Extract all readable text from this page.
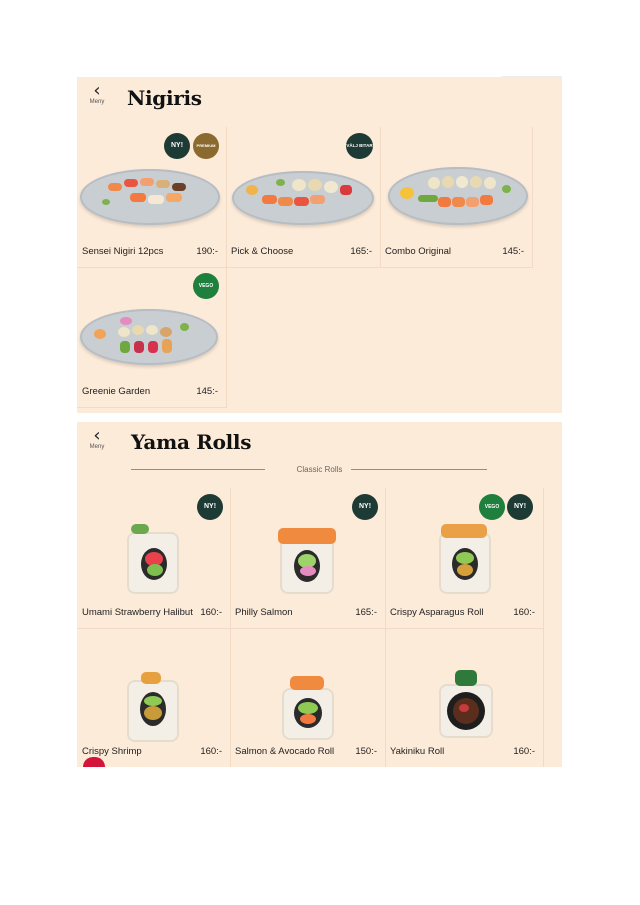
‹
Meny	Nigiris
NY!	PREMIUM
Sensei Nigiri 12pcs	190:-
VÄLJ BITAR
Pick & Choose	165:- Combo Original	145:-
VEGO
Greenie Garden	145:-
‹
Meny	Yama Rolls
Classic Rolls
NY!
Umami Strawberry Halibut 160:-
NY!
Philly Salmon	165:-
VEGO	NY!
Crispy Asparagus Roll	160:-
Crispy Shrimp	160:- Salmon & Avocado Roll 150:- Yakiniku Roll	160:-
